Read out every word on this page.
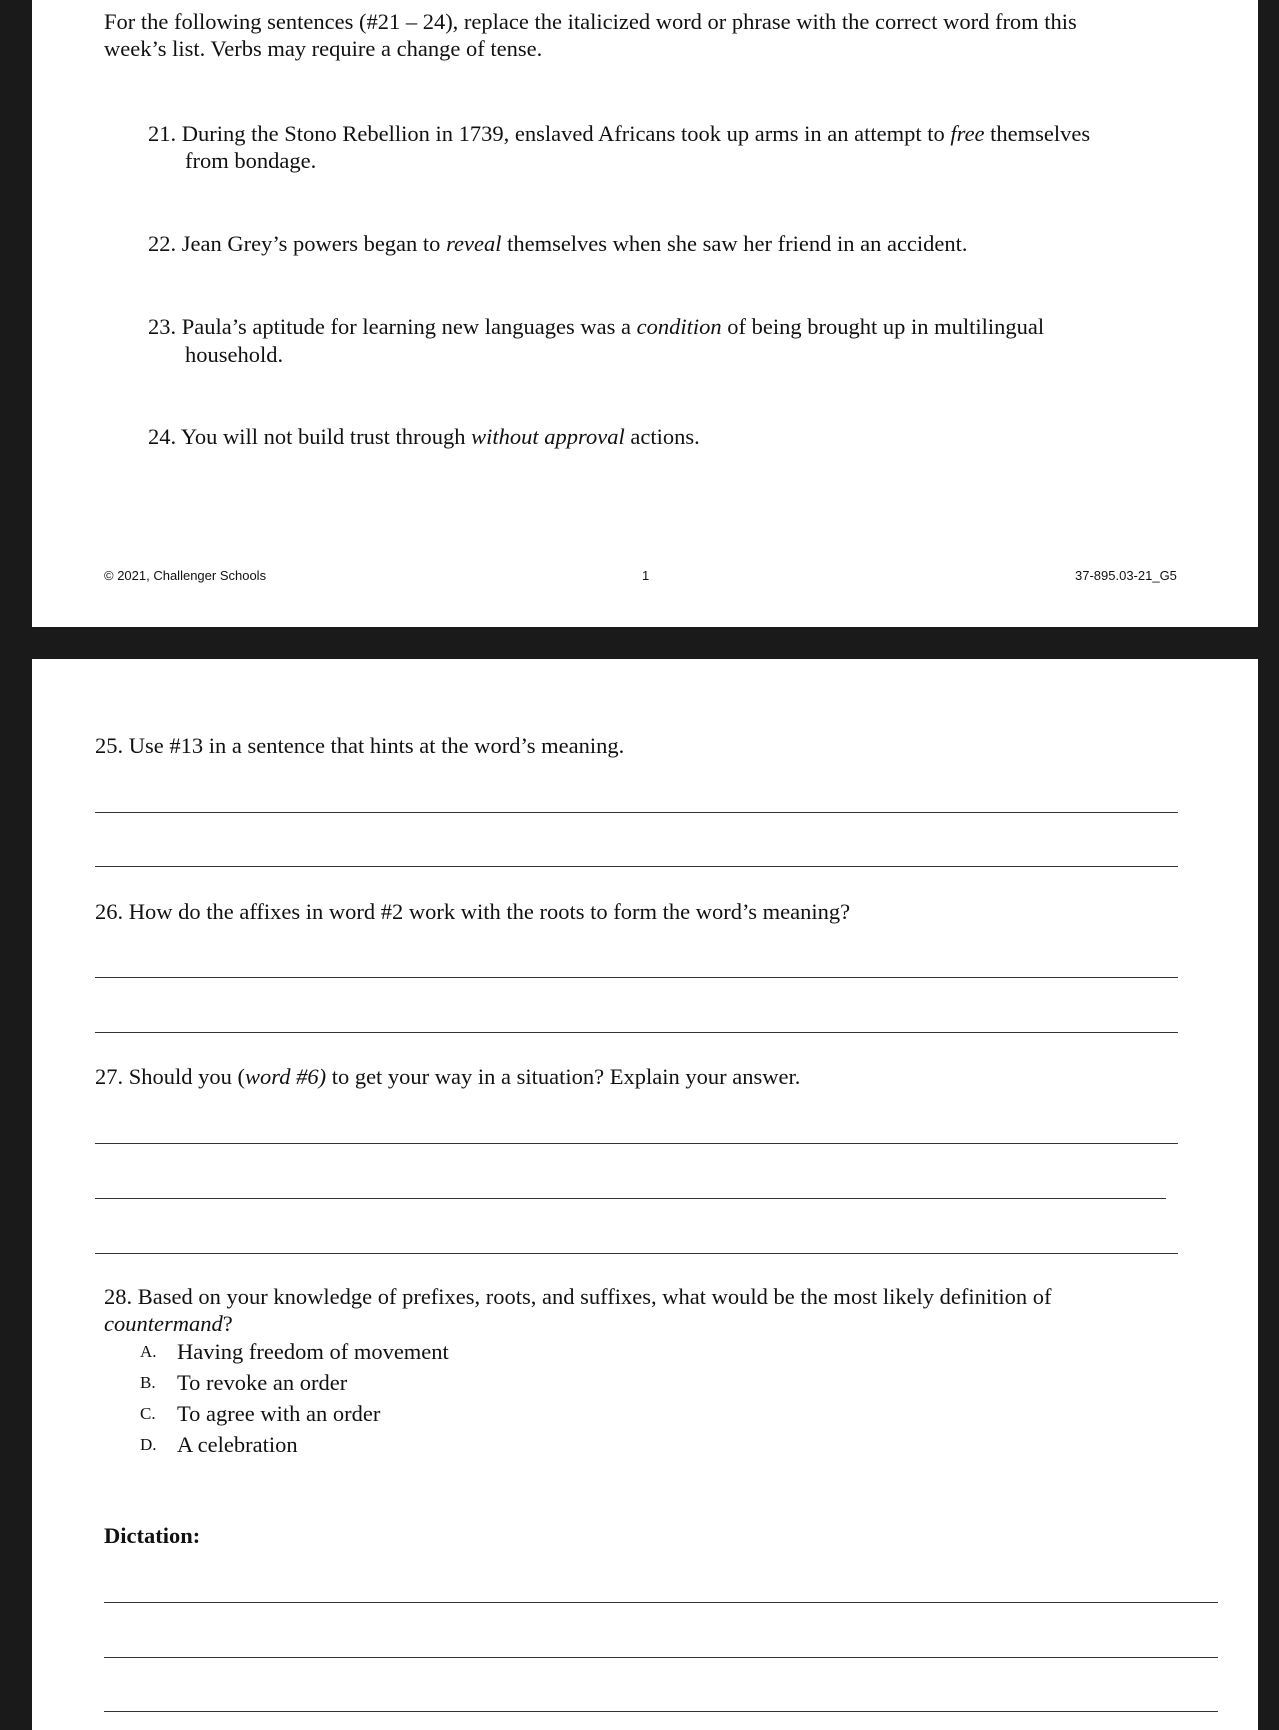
For the following sentences (#21 – 24), replace the italicized word or phrase with the correct word from this
week’s list. Verbs may require a change of tense.
21. During the Stono Rebellion in 1739, enslaved Africans took up arms in an attempt to free themselves
from bondage.
22. Jean Grey’s powers began to reveal themselves when she saw her friend in an accident.
23. Paula’s aptitude for learning new languages was a condition of being brought up in multilingual
household.
24. You will not build trust through without approval actions.
© 2021, Challenger Schools	1	37-895.03-21_G5
25. Use #13 in a sentence that hints at the word’s meaning.
26. How do the affixes in word #2 work with the roots to form the word’s meaning?
27. Should you (word #6) to get your way in a situation? Explain your answer.
28. Based on your knowledge of prefixes, roots, and suffixes, what would be the most likely definition of
countermand?
A. Having freedom of movement
B. To revoke an order
C. To agree with an order
D. A celebration
Dictation:
